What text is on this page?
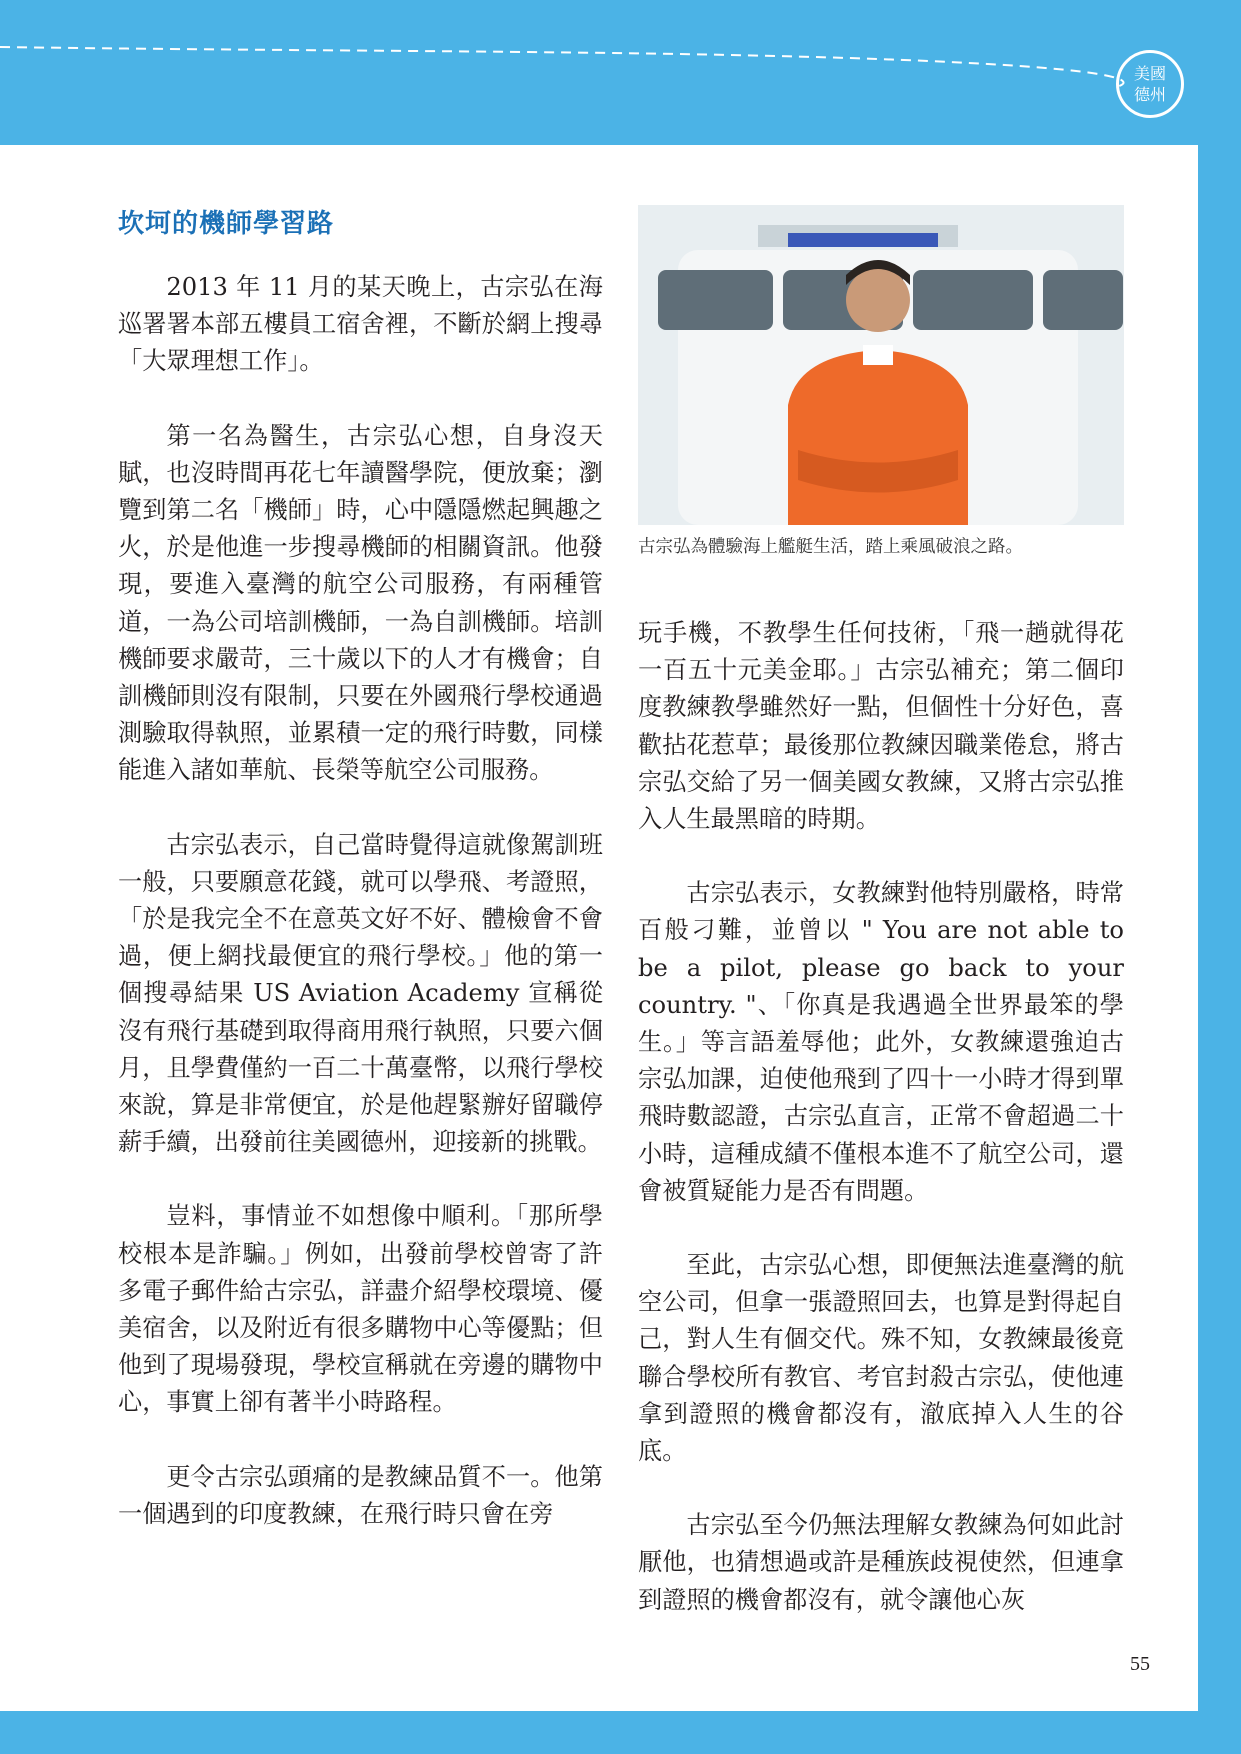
美國
德州
坎坷的機師學習路

2013 年 11 月的某天晚上，古宗弘在海巡署署本部五樓員工宿舍裡，不斷於網上搜尋「大眾理想工作」。

第一名為醫生，古宗弘心想，自身沒天賦，也沒時間再花七年讀醫學院，便放棄；瀏覽到第二名「機師」時，心中隱隱燃起興趣之火，於是他進一步搜尋機師的相關資訊。他發現，要進入臺灣的航空公司服務，有兩種管道，一為公司培訓機師，一為自訓機師。培訓機師要求嚴苛，三十歲以下的人才有機會；自訓機師則沒有限制，只要在外國飛行學校通過測驗取得執照，並累積一定的飛行時數，同樣能進入諸如華航、長榮等航空公司服務。

古宗弘表示，自己當時覺得這就像駕訓班一般，只要願意花錢，就可以學飛、考證照，「於是我完全不在意英文好不好、體檢會不會過，便上網找最便宜的飛行學校。」他的第一個搜尋結果 US Aviation Academy 宣稱從沒有飛行基礎到取得商用飛行執照，只要六個月，且學費僅約一百二十萬臺幣，以飛行學校來說，算是非常便宜，於是他趕緊辦好留職停薪手續，出發前往美國德州，迎接新的挑戰。

豈料，事情並不如想像中順利。「那所學校根本是詐騙。」例如，出發前學校曾寄了許多電子郵件給古宗弘，詳盡介紹學校環境、優美宿舍，以及附近有很多購物中心等優點；但他到了現場發現，學校宣稱就在旁邊的購物中心，事實上卻有著半小時路程。

更令古宗弘頭痛的是教練品質不一。他第一個遇到的印度教練，在飛行時只會在旁

古宗弘為體驗海上艦艇生活，踏上乘風破浪之路。

玩手機，不教學生任何技術，「飛一趟就得花一百五十元美金耶。」古宗弘補充；第二個印度教練教學雖然好一點，但個性十分好色，喜歡拈花惹草；最後那位教練因職業倦怠，將古宗弘交給了另一個美國女教練，又將古宗弘推入人生最黑暗的時期。

古宗弘表示，女教練對他特別嚴格，時常百般刁難，並曾以 " You are not able to be a pilot, please go back to your country. "、「你真是我遇過全世界最笨的學生。」等言語羞辱他；此外，女教練還強迫古宗弘加課，迫使他飛到了四十一小時才得到單飛時數認證，古宗弘直言，正常不會超過二十小時，這種成績不僅根本進不了航空公司，還會被質疑能力是否有問題。

至此，古宗弘心想，即便無法進臺灣的航空公司，但拿一張證照回去，也算是對得起自己，對人生有個交代。殊不知，女教練最後竟聯合學校所有教官、考官封殺古宗弘，使他連拿到證照的機會都沒有，澈底掉入人生的谷底。

古宗弘至今仍無法理解女教練為何如此討厭他，也猜想過或許是種族歧視使然，但連拿到證照的機會都沒有，就令讓他心灰

55
